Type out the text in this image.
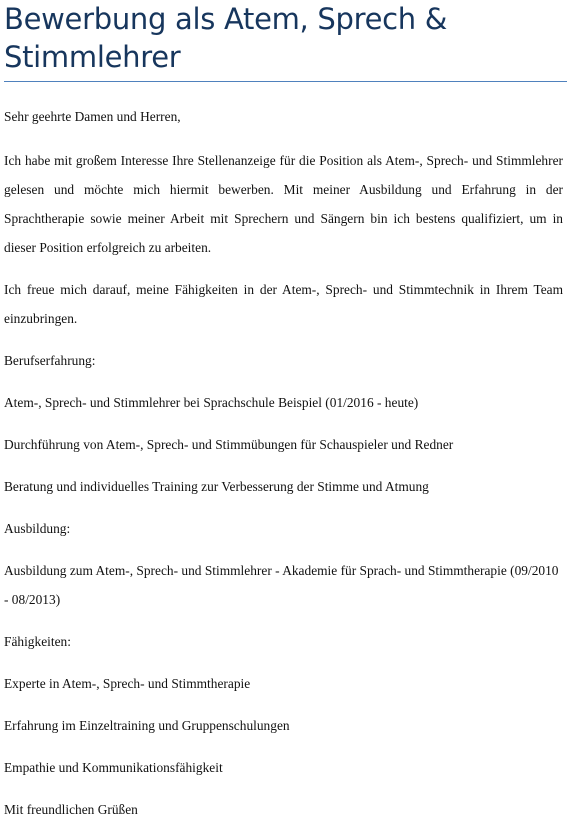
Bewerbung als Atem, Sprech & Stimmlehrer

Sehr geehrte Damen und Herren,

Ich habe mit großem Interesse Ihre Stellenanzeige für die Position als Atem-, Sprech- und Stimmlehrer gelesen und möchte mich hiermit bewerben. Mit meiner Ausbildung und Erfahrung in der Sprachtherapie sowie meiner Arbeit mit Sprechern und Sängern bin ich bestens qualifiziert, um in dieser Position erfolgreich zu arbeiten.

Ich freue mich darauf, meine Fähigkeiten in der Atem-, Sprech- und Stimmtechnik in Ihrem Team einzubringen.

Berufserfahrung:

Atem-, Sprech- und Stimmlehrer bei Sprachschule Beispiel (01/2016 - heute)

Durchführung von Atem-, Sprech- und Stimmübungen für Schauspieler und Redner

Beratung und individuelles Training zur Verbesserung der Stimme und Atmung

Ausbildung:

Ausbildung zum Atem-, Sprech- und Stimmlehrer - Akademie für Sprach- und Stimmtherapie (09/2010 - 08/2013)

Fähigkeiten:

Experte in Atem-, Sprech- und Stimmtherapie

Erfahrung im Einzeltraining und Gruppenschulungen

Empathie und Kommunikationsfähigkeit

Mit freundlichen Grüßen
